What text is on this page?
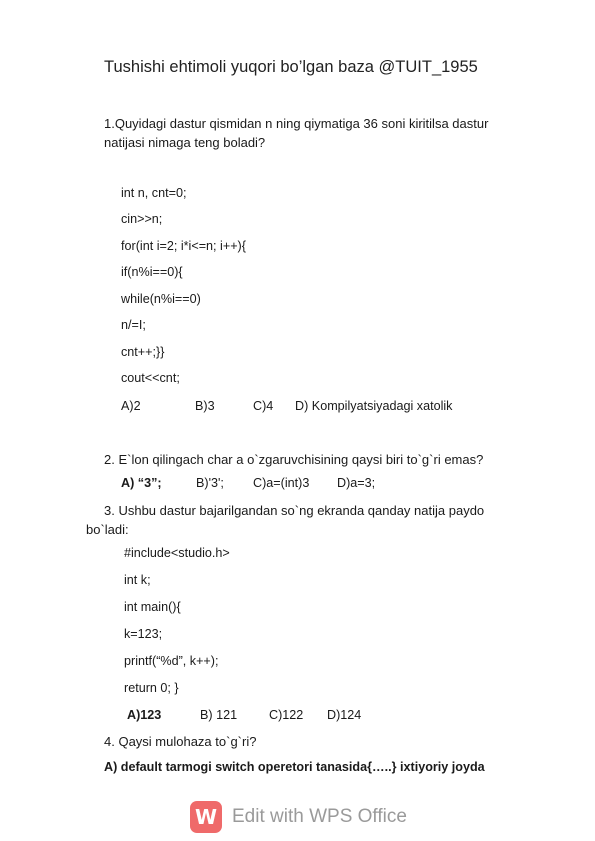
Tushishi ehtimoli yuqori bo’lgan baza @TUIT_1955
1.Quyidagi dastur qismidan n ning qiymatiga 36 soni kiritilsa dastur
natijasi nimaga teng boladi?
int n, cnt=0;
cin>>n;
for(int i=2; i*i<=n; i++){
if(n%i==0){
while(n%i==0)
n/=I;
cnt++;}}
cout<<cnt;
A)2	B)3	C)4 D) Kompilyatsiyadagi xatolik
2. E`lon qilingach char a o`zgaruvchisining qaysi biri to`g`ri emas?
A) “3”;	B)'3'; C)a=(int)3 D)a=3;
3. Ushbu dastur bajarilgandan so`ng ekranda qanday natija paydo
bo`ladi:
#include<studio.h>
int k;
int main(){
k=123;
printf(“%d”, k++);
return 0; }
A)123	B) 121	C)122 D)124
4. Qaysi mulohaza to`g`ri?
A) default tarmogi switch operetori tanasida{…..} ixtiyoriy joyda
W Edit with WPS Office
